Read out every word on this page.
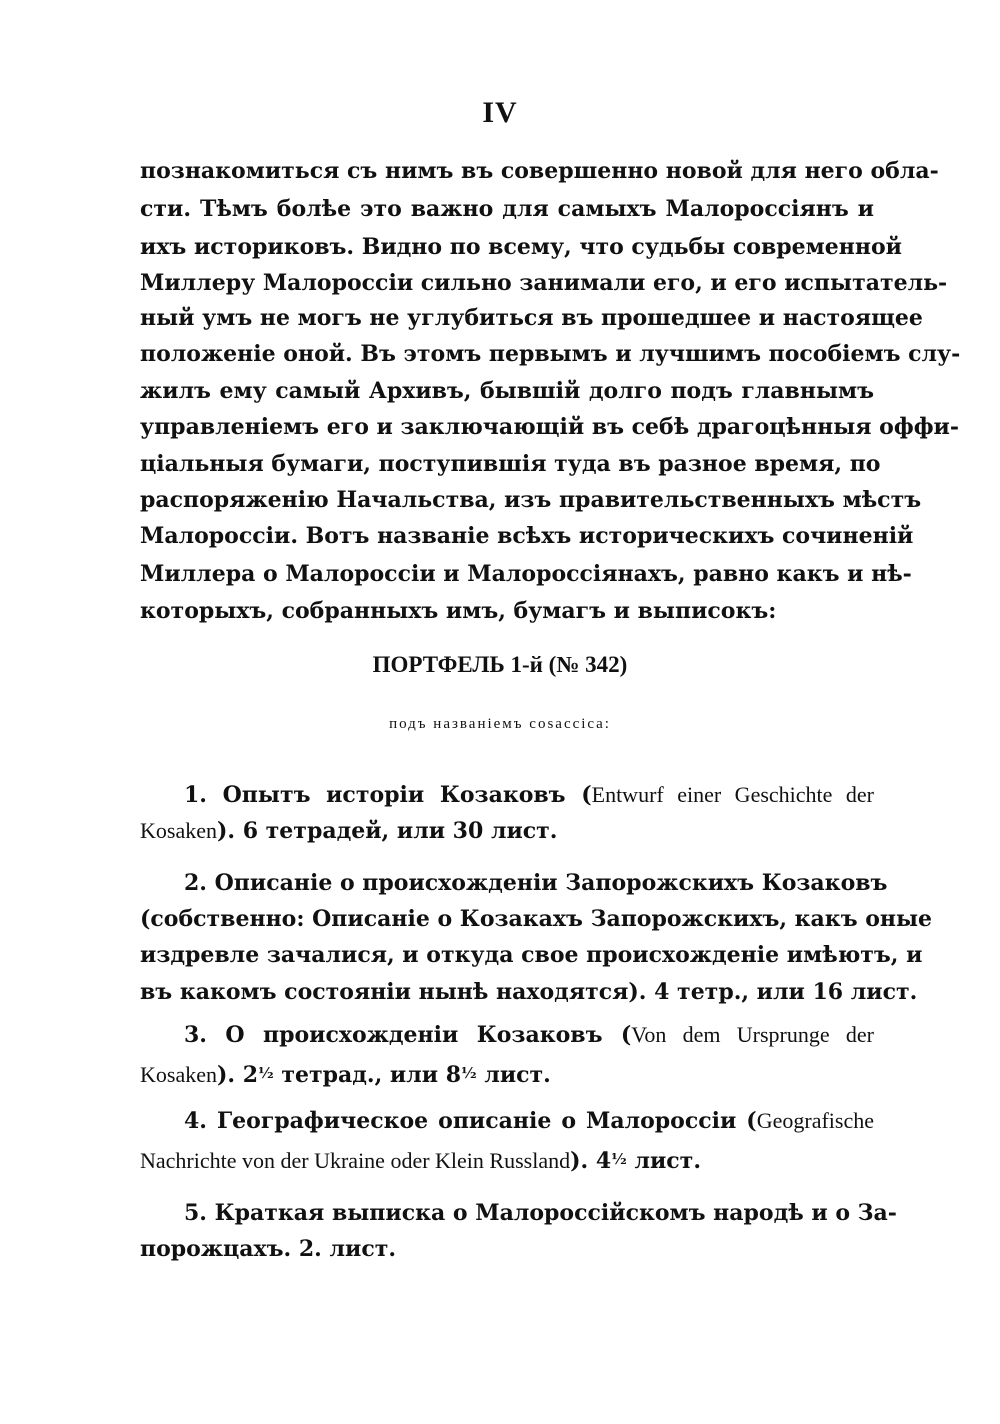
IV
познакомиться съ нимъ въ совершенно новой для него обла-
сти. Тѣмъ болѣе это важно для самыхъ Малороссіянъ и
ихъ историковъ. Видно по всему, что судьбы современной
Миллеру Малороссіи сильно занимали его, и его испытатель-
ный умъ не могъ не углубиться въ прошедшее и настоящее
положеніе оной. Въ этомъ первымъ и лучшимъ пособіемъ слу-
жилъ ему самый Архивъ, бывшій долго подъ главнымъ
управленіемъ его и заключающій въ себѣ драгоцѣнныя оффи-
ціальныя бумаги, поступившія туда въ разное время, по
распоряженію Начальства, изъ правительственныхъ мѣстъ
Малороссіи. Вотъ названіе всѣхъ историческихъ сочиненій
Миллера о Малороссіи и Малороссіянахъ, равно какъ и нѣ-
которыхъ, собранныхъ имъ, бумагъ и выписокъ:
ПОРТФЕЛЬ 1-й (№ 342)
подъ названіемъ cosaccica:
1. Опытъ исторіи Козаковъ (Entwurf einer Geschichte der
Kosaken). 6 тетрадей, или 30 лист.
2. Описаніе о происхожденіи Запорожскихъ Козаковъ
(собственно: Описаніе о Козакахъ Запорожскихъ, какъ оные
издревле зачалися, и откуда свое происхожденіе имѣютъ, и
въ какомъ состояніи нынѣ находятся). 4 тетр., или 16 лист.
3. О происхожденіи Козаковъ (Von dem Ursprunge der
Kosaken). 2½ тетрад., или 8½ лист.
4. Географическое описаніе о Малороссіи (Geografische
Nachrichte von der Ukraine oder Klein Russland). 4½ лист.
5. Краткая выписка о Малороссійскомъ народѣ и о За-
порожцахъ. 2. лист.
